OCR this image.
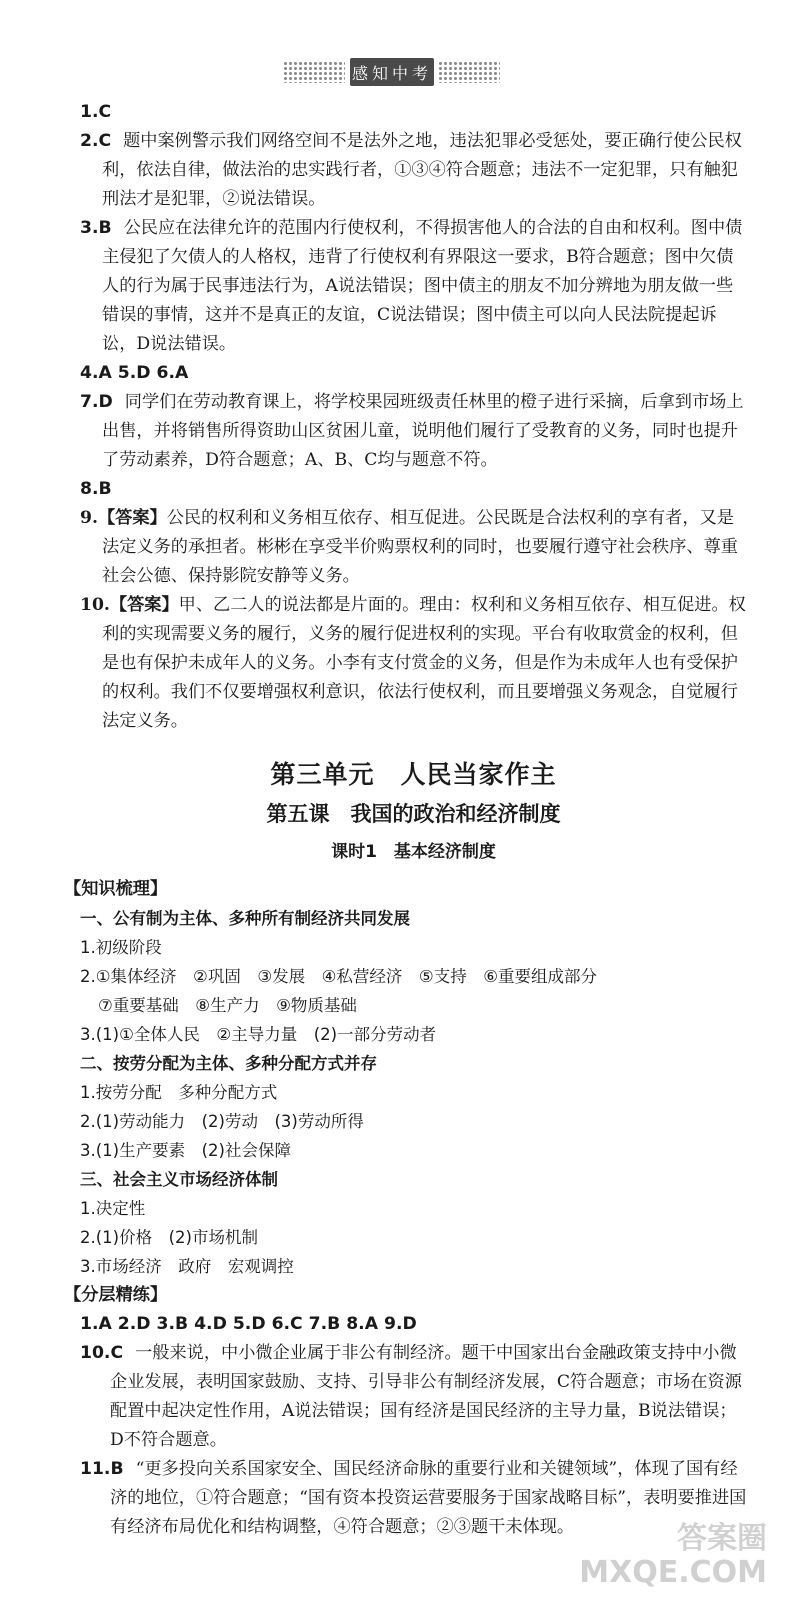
感知中考

1.C

2.C 题中案例警示我们网络空间不是法外之地，违法犯罪必受惩处，要正确行使公民权利，依法自律，做法治的忠实践行者，①③④符合题意；违法不一定犯罪，只有触犯刑法才是犯罪，②说法错误。

3.B 公民应在法律允许的范围内行使权利，不得损害他人的合法的自由和权利。图中债主侵犯了欠债人的人格权，违背了行使权利有界限这一要求，B符合题意；图中欠债人的行为属于民事违法行为，A说法错误；图中债主的朋友不加分辨地为朋友做一些错误的事情，这并不是真正的友谊，C说法错误；图中债主可以向人民法院提起诉讼，D说法错误。

4.A 5.D 6.A

7.D 同学们在劳动教育课上，将学校果园班级责任林里的橙子进行采摘，后拿到市场上出售，并将销售所得资助山区贫困儿童，说明他们履行了受教育的义务，同时也提升了劳动素养，D符合题意；A、B、C均与题意不符。

8.B

9.【答案】公民的权利和义务相互依存、相互促进。公民既是合法权利的享有者，又是法定义务的承担者。彬彬在享受半价购票权利的同时，也要履行遵守社会秩序、尊重社会公德、保持影院安静等义务。

10.【答案】甲、乙二人的说法都是片面的。理由：权利和义务相互依存、相互促进。权利的实现需要义务的履行，义务的履行促进权利的实现。平台有收取赏金的权利，但是也有保护未成年人的义务。小李有支付赏金的义务，但是作为未成年人也有受保护的权利。我们不仅要增强权利意识，依法行使权利，而且要增强义务观念，自觉履行法定义务。

第三单元　人民当家作主
第五课　我国的政治和经济制度
课时1　基本经济制度

【知识梳理】

一、公有制为主体、多种所有制经济共同发展

1.初级阶段

2.①集体经济　②巩固　③发展　④私营经济　⑤支持　⑥重要组成部分

⑦重要基础　⑧生产力　⑨物质基础

3.(1)①全体人民　②主导力量　(2)一部分劳动者

二、按劳分配为主体、多种分配方式并存

1.按劳分配　多种分配方式

2.(1)劳动能力　(2)劳动　(3)劳动所得

3.(1)生产要素　(2)社会保障

三、社会主义市场经济体制

1.决定性

2.(1)价格　(2)市场机制

3.市场经济　政府　宏观调控

【分层精练】

1.A 2.D 3.B 4.D 5.D 6.C 7.B 8.A 9.D

10.C 一般来说，中小微企业属于非公有制经济。题干中国家出台金融政策支持中小微企业发展，表明国家鼓励、支持、引导非公有制经济发展，C符合题意；市场在资源配置中起决定性作用，A说法错误；国有经济是国民经济的主导力量，B说法错误；D不符合题意。

11.B “更多投向关系国家安全、国民经济命脉的重要行业和关键领域”，体现了国有经济的地位，①符合题意；“国有资本投资运营要服务于国家战略目标”，表明要推进国有经济布局优化和结构调整，④符合题意；②③题干未体现。	答案圈
MXQE.COM
